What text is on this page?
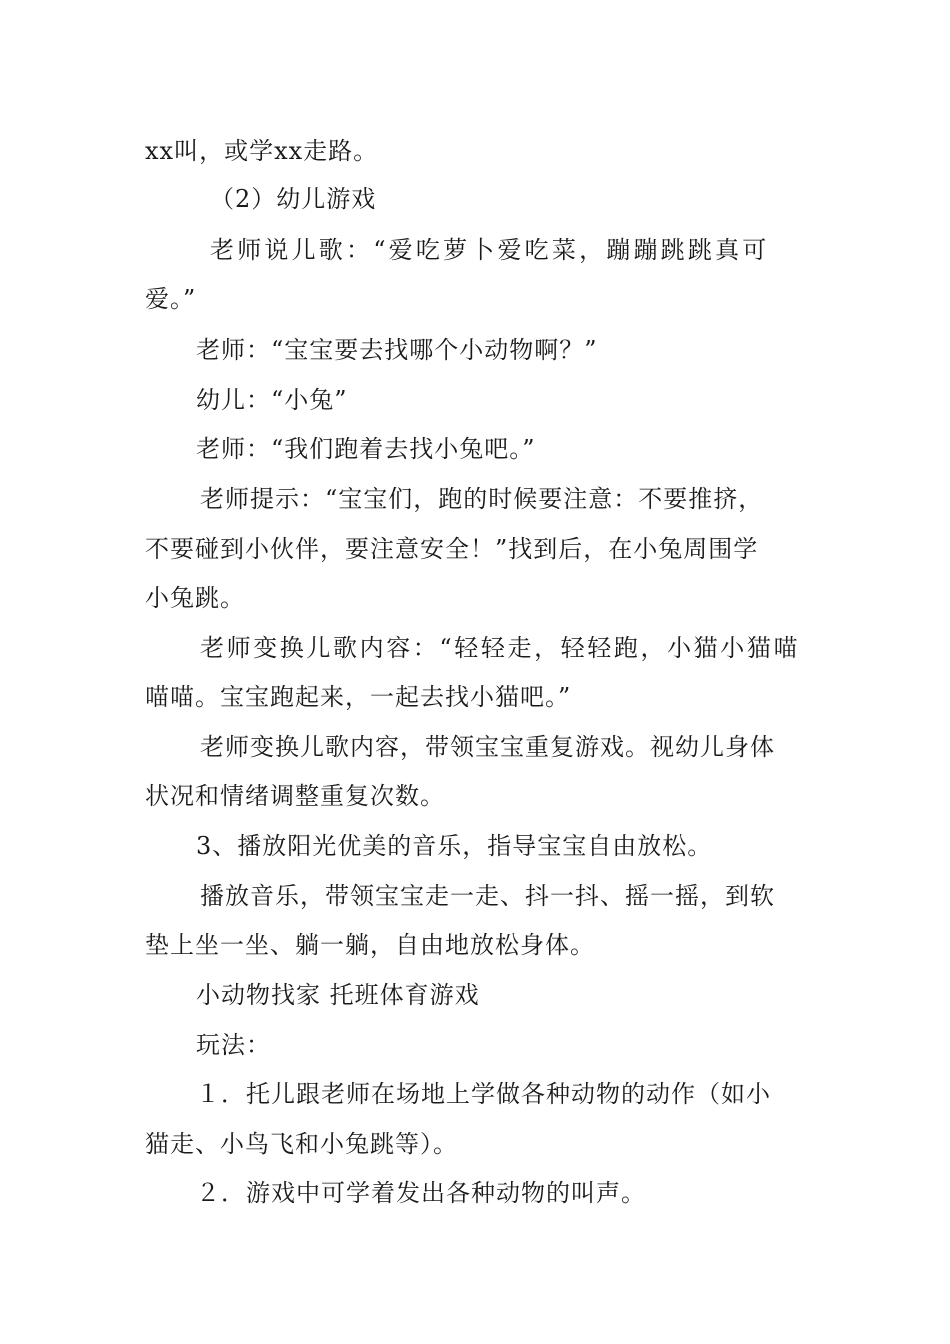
xx叫，或学xx走路。
（2）幼儿游戏
老师说儿歌：“爱吃萝卜爱吃菜，蹦蹦跳跳真可
爱。”
老师：“宝宝要去找哪个小动物啊？”
幼儿：“小兔”
老师：“我们跑着去找小兔吧。”
老师提示：“宝宝们，跑的时候要注意：不要推挤，
不要碰到小伙伴，要注意安全！”找到后，在小兔周围学
小兔跳。
老师变换儿歌内容：“轻轻走，轻轻跑，小猫小猫喵
喵喵。宝宝跑起来，一起去找小猫吧。”
老师变换儿歌内容，带领宝宝重复游戏。视幼儿身体
状况和情绪调整重复次数。
3、播放阳光优美的音乐，指导宝宝自由放松。
播放音乐，带领宝宝走一走、抖一抖、摇一摇，到软
垫上坐一坐、躺一躺，自由地放松身体。
小动物找家 托班体育游戏
玩法：
１．托儿跟老师在场地上学做各种动物的动作（如小
猫走、小鸟飞和小兔跳等）。
２．游戏中可学着发出各种动物的叫声。
